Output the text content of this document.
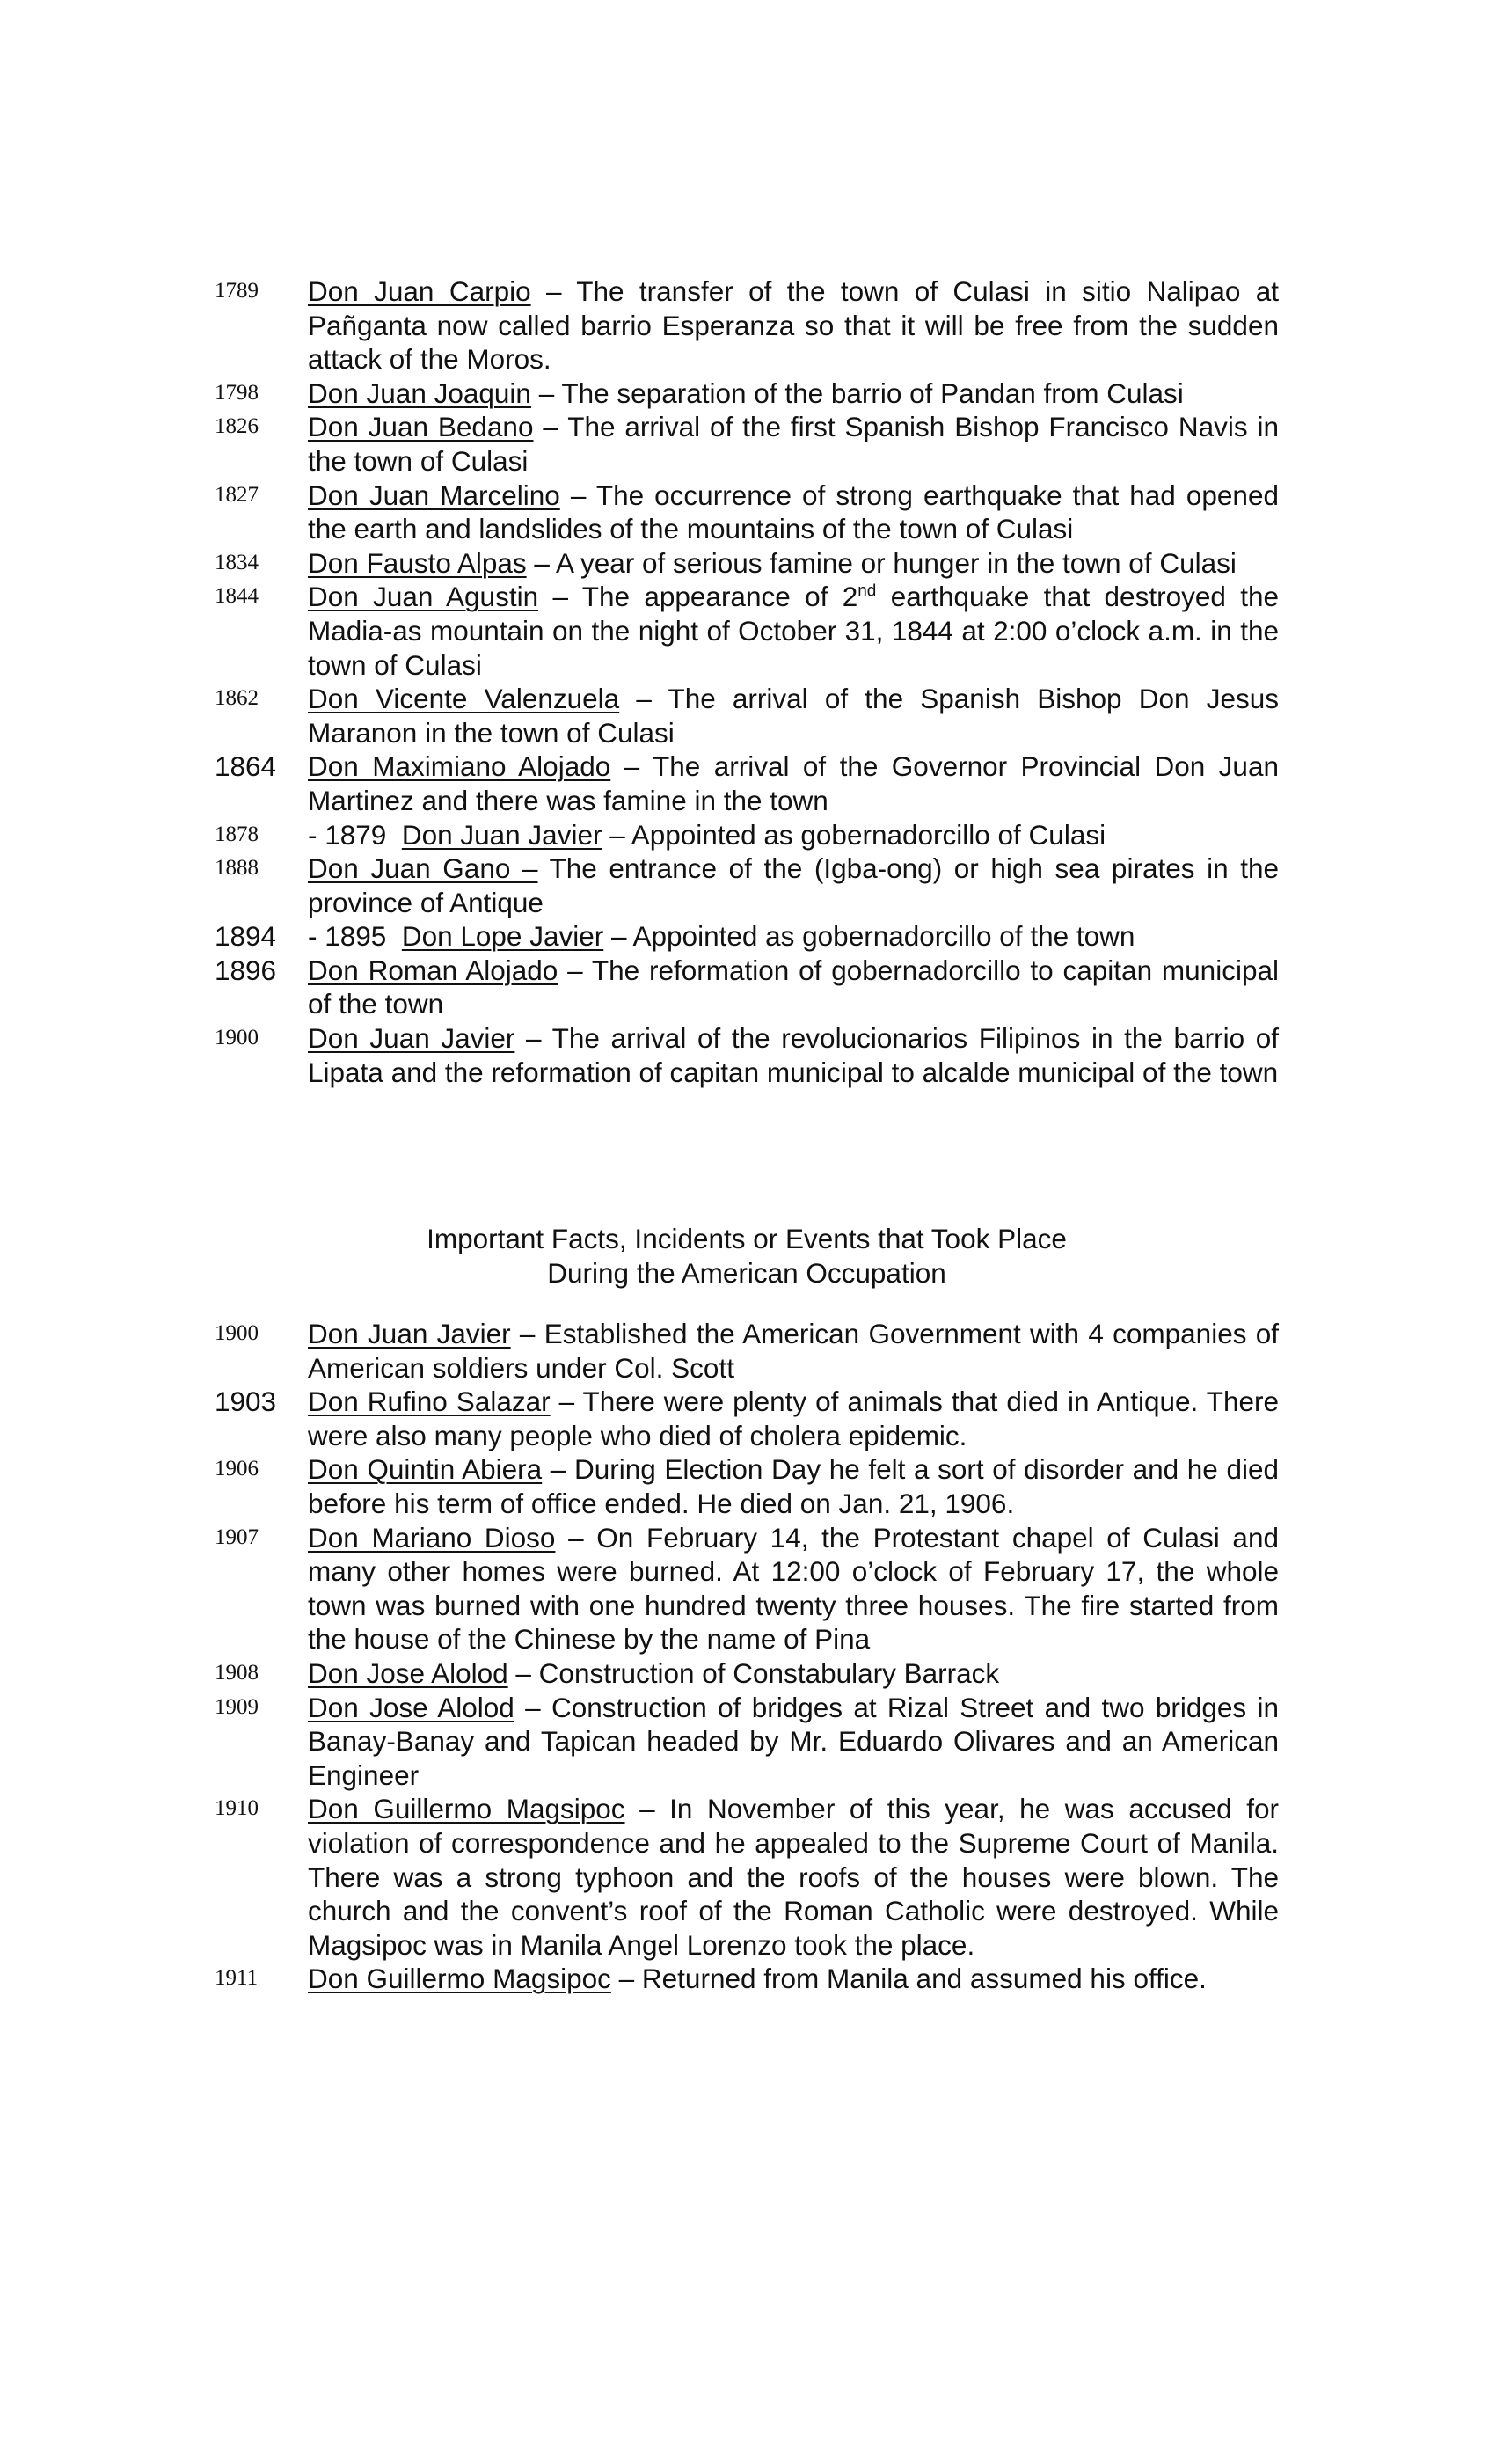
1789	Don Juan Carpio – The transfer of the town of Culasi in sitio Nalipao at Pañganta now called barrio Esperanza so that it will be free from the sudden attack of the Moros.
1798	Don Juan Joaquin – The separation of the barrio of Pandan from Culasi
1826	Don Juan Bedano – The arrival of the first Spanish Bishop Francisco Navis in the town of Culasi
1827	Don Juan Marcelino – The occurrence of strong earthquake that had opened the earth and landslides of the mountains of the town of Culasi
1834	Don Fausto Alpas – A year of serious famine or hunger in the town of Culasi
1844	Don Juan Agustin – The appearance of 2nd earthquake that destroyed the Madia-as mountain on the night of October 31, 1844 at 2:00 o’clock a.m. in the town of Culasi
1862	Don Vicente Valenzuela – The arrival of the Spanish Bishop Don Jesus Maranon in the town of Culasi
1864	Don Maximiano Alojado – The arrival of the Governor Provincial Don Juan Martinez and there was famine in the town
1878	- 1879  Don Juan Javier – Appointed as gobernadorcillo of Culasi
1888	Don Juan Gano – The entrance of the (Igba-ong) or high sea pirates in the province of Antique
1894	- 1895  Don Lope Javier – Appointed as gobernadorcillo of the town
1896	Don Roman Alojado – The reformation of gobernadorcillo to capitan municipal of the town
1900	Don Juan Javier – The arrival of the revolucionarios Filipinos in the barrio of Lipata and the reformation of capitan municipal to alcalde municipal of the town
Important Facts, Incidents or Events that Took Place
During the American Occupation
1900	Don Juan Javier – Established the American Government with 4 companies of American soldiers under Col. Scott
1903	Don Rufino Salazar – There were plenty of animals that died in Antique. There were also many people who died of cholera epidemic.
1906	Don Quintin Abiera – During Election Day he felt a sort of disorder and he died before his term of office ended. He died on Jan. 21, 1906.
1907	Don Mariano Dioso – On February 14, the Protestant chapel of Culasi and many other homes were burned. At 12:00 o’clock of February 17, the whole town was burned with one hundred twenty three houses. The fire started from the house of the Chinese by the name of Pina
1908	Don Jose Alolod – Construction of Constabulary Barrack
1909	Don Jose Alolod – Construction of bridges at Rizal Street and two bridges in Banay-Banay and Tapican headed by Mr. Eduardo Olivares and an American Engineer
1910	Don Guillermo Magsipoc – In November of this year, he was accused for violation of correspondence and he appealed to the Supreme Court of Manila. There was a strong typhoon and the roofs of the houses were blown. The church and the convent’s roof of the Roman Catholic were destroyed. While Magsipoc was in Manila Angel Lorenzo took the place.
1911	Don Guillermo Magsipoc – Returned from Manila and assumed his office.
